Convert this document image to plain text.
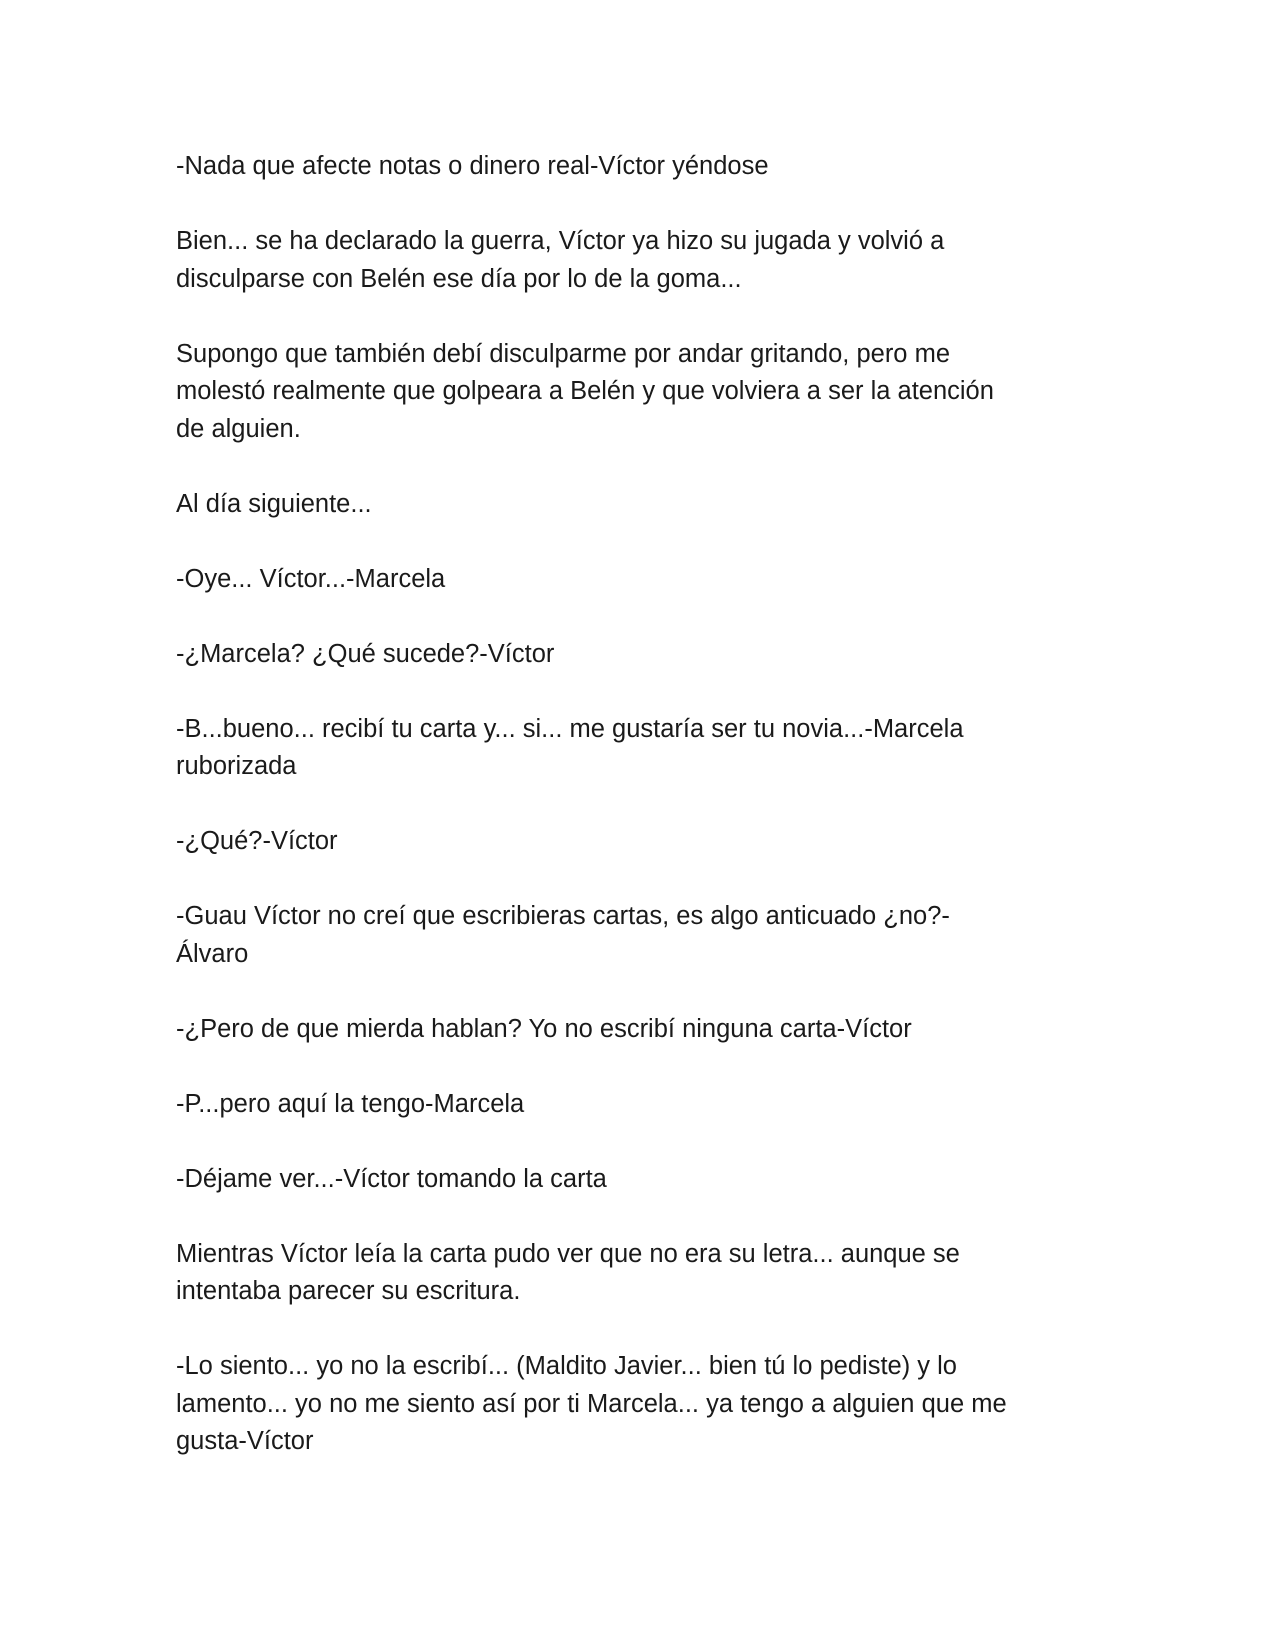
-Nada que afecte notas o dinero real-Víctor yéndose

Bien... se ha declarado la guerra, Víctor ya hizo su jugada y volvió a
disculparse con Belén ese día por lo de la goma...

Supongo que también debí disculparme por andar gritando, pero me
molestó realmente que golpeara a Belén y que volviera a ser la atención
de alguien.

Al día siguiente...

-Oye... Víctor...-Marcela

-¿Marcela? ¿Qué sucede?-Víctor

-B...bueno... recibí tu carta y... si... me gustaría ser tu novia...-Marcela
ruborizada

-¿Qué?-Víctor

-Guau Víctor no creí que escribieras cartas, es algo anticuado ¿no?-
Álvaro

-¿Pero de que mierda hablan? Yo no escribí ninguna carta-Víctor

-P...pero aquí la tengo-Marcela

-Déjame ver...-Víctor tomando la carta

Mientras Víctor leía la carta pudo ver que no era su letra... aunque se
intentaba parecer su escritura.

-Lo siento... yo no la escribí... (Maldito Javier... bien tú lo pediste) y lo
lamento... yo no me siento así por ti Marcela... ya tengo a alguien que me
gusta-Víctor
